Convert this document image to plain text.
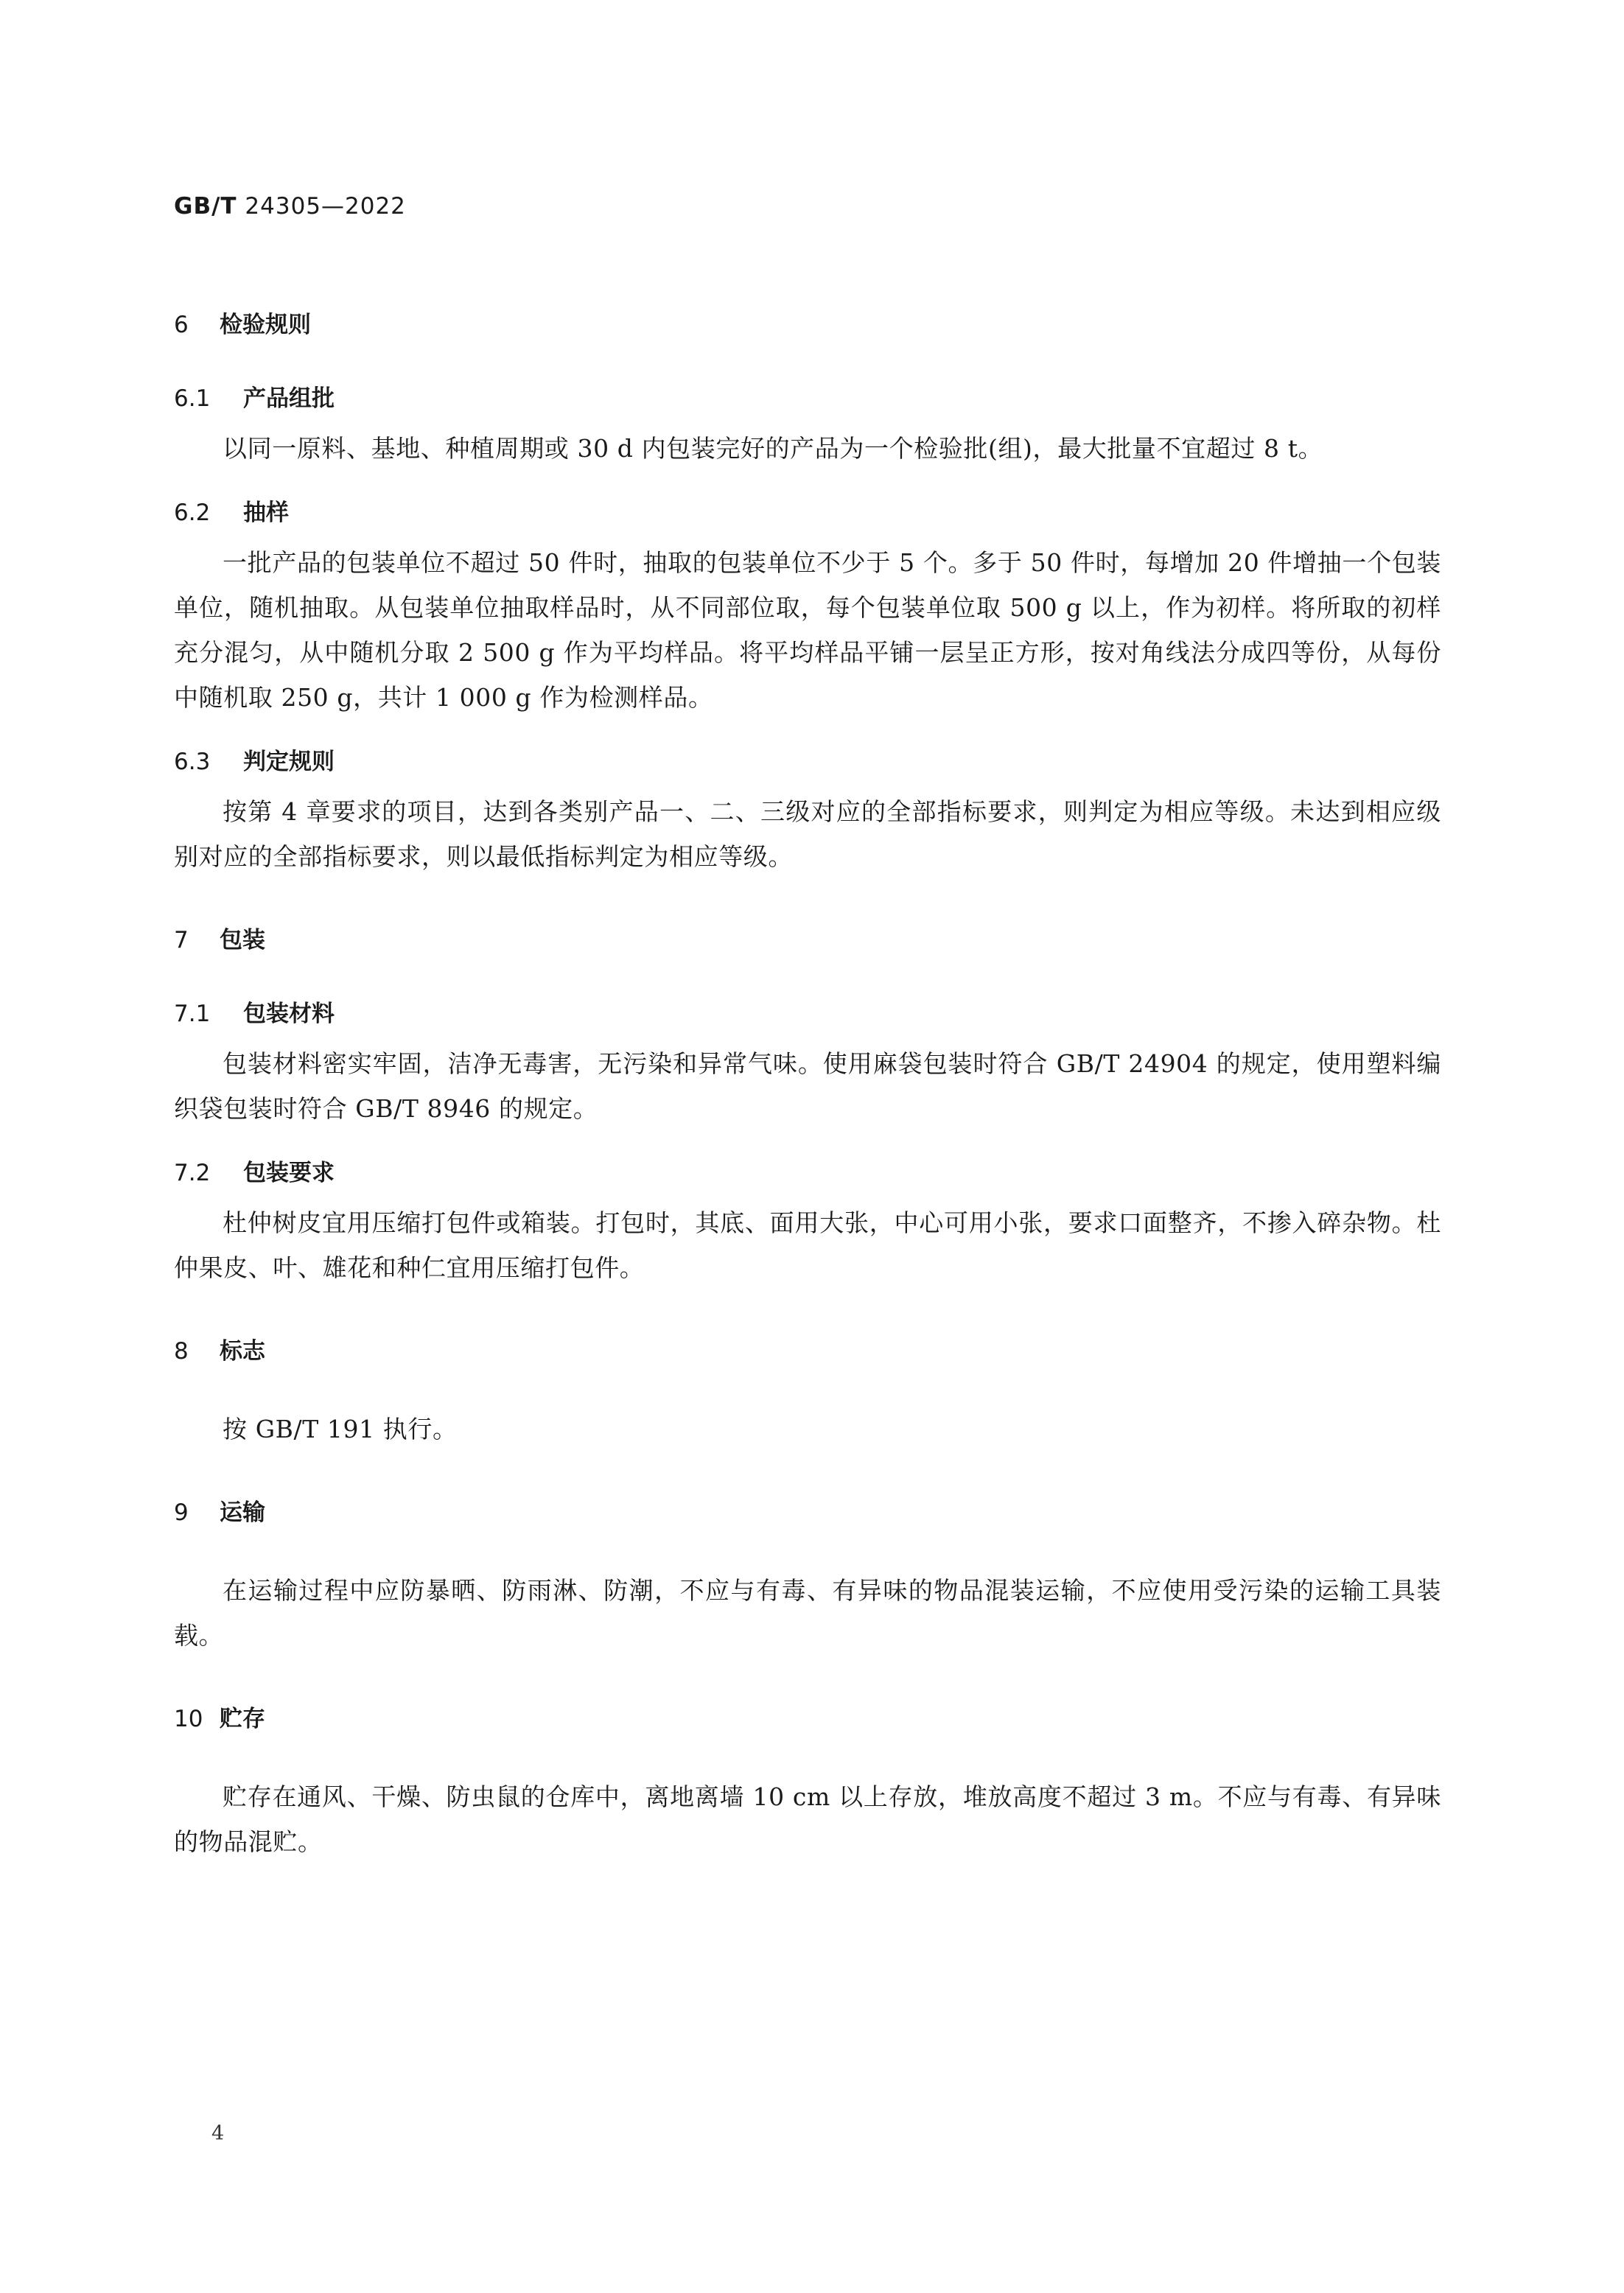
GB/T 24305—2022

6 检验规则
6.1 产品组批

以同一原料、基地、种植周期或 30 d 内包装完好的产品为一个检验批(组)，最大批量不宜超过 8 t。

6.2 抽样

一批产品的包装单位不超过 50 件时，抽取的包装单位不少于 5 个。多于 50 件时，每增加 20 件增抽一个包装单位，随机抽取。从包装单位抽取样品时，从不同部位取，每个包装单位取 500 g 以上，作为初样。将所取的初样充分混匀，从中随机分取 2 500 g 作为平均样品。将平均样品平铺一层呈正方形，按对角线法分成四等份，从每份中随机取 250 g，共计 1 000 g 作为检测样品。

6.3 判定规则

按第 4 章要求的项目，达到各类别产品一、二、三级对应的全部指标要求，则判定为相应等级。未达到相应级别对应的全部指标要求，则以最低指标判定为相应等级。

7 包装
7.1 包装材料

包装材料密实牢固，洁净无毒害，无污染和异常气味。使用麻袋包装时符合 GB/T 24904 的规定，使用塑料编织袋包装时符合 GB/T 8946 的规定。

7.2 包装要求

杜仲树皮宜用压缩打包件或箱装。打包时，其底、面用大张，中心可用小张，要求口面整齐，不掺入碎杂物。杜仲果皮、叶、雄花和种仁宜用压缩打包件。

8 标志

按 GB/T 191 执行。

9 运输

在运输过程中应防暴晒、防雨淋、防潮，不应与有毒、有异味的物品混装运输，不应使用受污染的运输工具装载。

10 贮存

贮存在通风、干燥、防虫鼠的仓库中，离地离墙 10 cm 以上存放，堆放高度不超过 3 m。不应与有毒、有异味的物品混贮。

4
